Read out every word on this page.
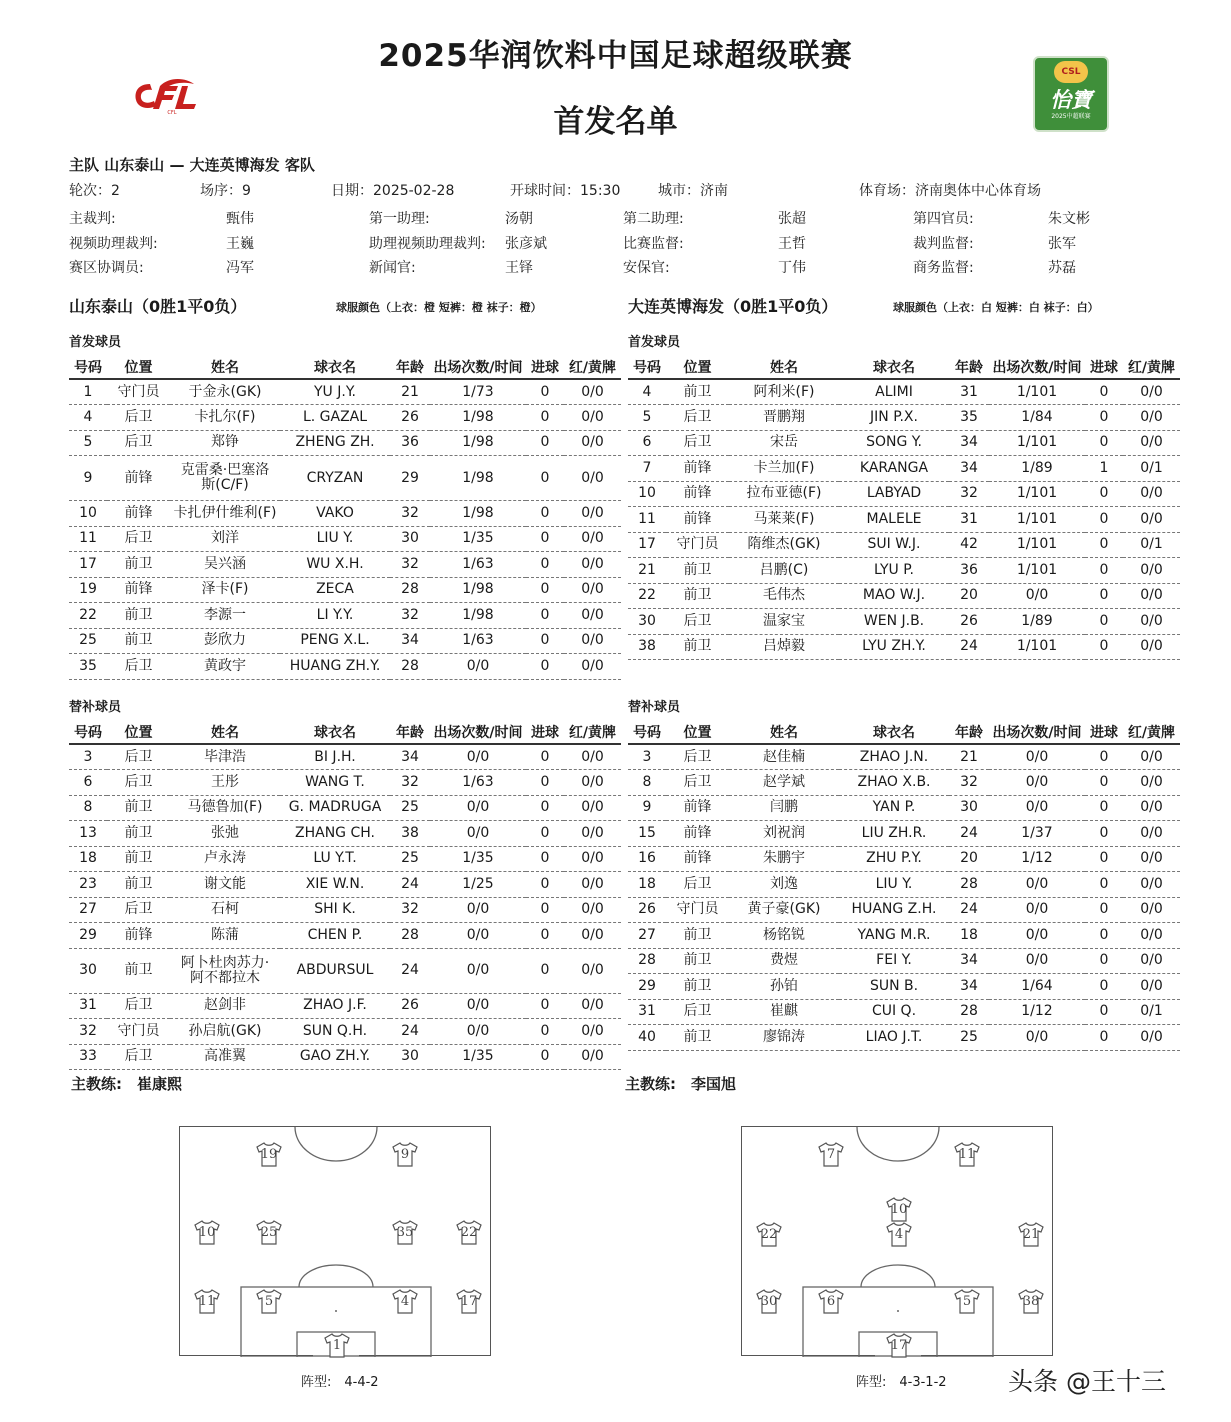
2025华润饮料中国足球超级联赛
首发名单
CFL
CSL
怡寶
2025中超联赛
主队 山东泰山 — 大连英博海发 客队
轮次：2	场序：9	日期：2025-02-28	开球时间：15:30	城市：济南	体育场：济南奥体中心体育场
主裁判:	甄伟	第一助理:	汤朝	第二助理:	张超	第四官员:	朱文彬
视频助理裁判:	王巍	助理视频助理裁判: 张彦斌	比赛监督:	王哲	裁判监督:	张军
赛区协调员:	冯军	新闻官:	王铎	安保官:	丁伟	商务监督:	苏磊
山东泰山（0胜1平0负）	球服颜色（上衣：橙 短裤：橙 袜子：橙）	大连英博海发（0胜1平0负）	球服颜色（上衣：白 短裤：白 袜子：白）
首发球员	首发球员
替补球员	替补球员
号码	位置	姓名	球衣名	年龄	出场次数/时间	进球	红/黄牌
1	守门员	于金永(GK)	YU J.Y.	21	1/73	0	0/0
4	后卫	卡扎尔(F)	L. GAZAL	26	1/98	0	0/0
5	后卫	郑铮	ZHENG ZH.	36	1/98	0	0/0
9	前锋	克雷桑·巴塞洛斯(C/F)	CRYZAN	29	1/98	0	0/0
10	前锋	卡扎伊什维利(F)	VAKO	32	1/98	0	0/0
11	后卫	刘洋	LIU Y.	30	1/35	0	0/0
17	前卫	吴兴涵	WU X.H.	32	1/63	0	0/0
19	前锋	泽卡(F)	ZECA	28	1/98	0	0/0
22	前卫	李源一	LI Y.Y.	32	1/98	0	0/0
25	前卫	彭欣力	PENG X.L.	34	1/63	0	0/0
35	后卫	黄政宇	HUANG ZH.Y.	28	0/0	0	0/0
号码	位置	姓名	球衣名	年龄	出场次数/时间	进球	红/黄牌
4	前卫	阿利米(F)	ALIMI	31	1/101	0	0/0
5	后卫	晋鹏翔	JIN P.X.	35	1/84	0	0/0
6	后卫	宋岳	SONG Y.	34	1/101	0	0/0
7	前锋	卡兰加(F)	KARANGA	34	1/89	1	0/1
10	前锋	拉布亚德(F)	LABYAD	32	1/101	0	0/0
11	前锋	马莱莱(F)	MALELE	31	1/101	0	0/0
17	守门员	隋维杰(GK)	SUI W.J.	42	1/101	0	0/1
21	前卫	吕鹏(C)	LYU P.	36	1/101	0	0/0
22	前卫	毛伟杰	MAO W.J.	20	0/0	0	0/0
30	后卫	温家宝	WEN J.B.	26	1/89	0	0/0
38	前卫	吕焯毅	LYU ZH.Y.	24	1/101	0	0/0
号码	位置	姓名	球衣名	年龄	出场次数/时间	进球	红/黄牌
3	后卫	毕津浩	BI J.H.	34	0/0	0	0/0
6	后卫	王彤	WANG T.	32	1/63	0	0/0
8	前卫	马德鲁加(F)	G. MADRUGA	25	0/0	0	0/0
13	前卫	张弛	ZHANG CH.	38	0/0	0	0/0
18	前卫	卢永涛	LU Y.T.	25	1/35	0	0/0
23	前卫	谢文能	XIE W.N.	24	1/25	0	0/0
27	后卫	石柯	SHI K.	32	0/0	0	0/0
29	前锋	陈蒲	CHEN P.	28	0/0	0	0/0
30	前卫	阿卜杜肉苏力·阿不都拉木	ABDURSUL	24	0/0	0	0/0
31	后卫	赵剑非	ZHAO J.F.	26	0/0	0	0/0
32	守门员	孙启航(GK)	SUN Q.H.	24	0/0	0	0/0
33	后卫	高准翼	GAO ZH.Y.	30	1/35	0	0/0
号码	位置	姓名	球衣名	年龄	出场次数/时间	进球	红/黄牌
3	后卫	赵佳楠	ZHAO J.N.	21	0/0	0	0/0
8	后卫	赵学斌	ZHAO X.B.	32	0/0	0	0/0
9	前锋	闫鹏	YAN P.	30	0/0	0	0/0
15	前锋	刘祝润	LIU ZH.R.	24	1/37	0	0/0
16	前锋	朱鹏宇	ZHU P.Y.	20	1/12	0	0/0
18	后卫	刘逸	LIU Y.	28	0/0	0	0/0
26	守门员	黄子豪(GK)	HUANG Z.H.	24	0/0	0	0/0
27	前卫	杨铭锐	YANG M.R.	18	0/0	0	0/0
28	前卫	费煜	FEI Y.	34	0/0	0	0/0
29	前卫	孙铂	SUN B.	34	1/64	0	0/0
31	后卫	崔麒	CUI Q.	28	1/12	0	0/1
40	前卫	廖锦涛	LIAO J.T.	25	0/0	0	0/0
主教练:　崔康熙	主教练:　李国旭
1
11	5	4	17
10	25	35	22
19	9
17
30	6	5	38
22	4	21
10
7	11
阵型:　4-4-2	阵型:　4-3-1-2 头条 @王十三
